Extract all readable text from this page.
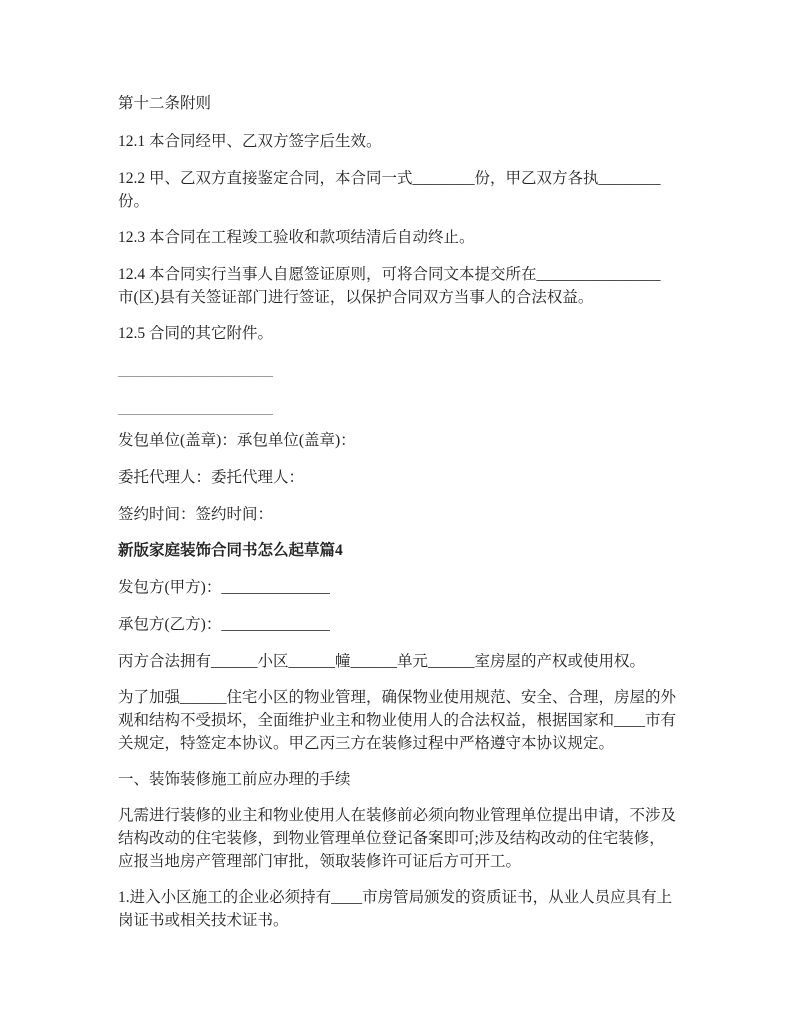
第十二条附则
12.1 本合同经甲、乙双方签字后生效。
12.2 甲、乙双方直接鉴定合同，本合同一式________份，甲乙双方各执________
份。
12.3 本合同在工程竣工验收和款项结清后自动终止。
12.4 本合同实行当事人自愿签证原则，可将合同文本提交所在________________
市(区)县有关签证部门进行签证，以保护合同双方当事人的合法权益。
12.5 合同的其它附件。
____________________
____________________
发包单位(盖章)：承包单位(盖章)：
委托代理人：委托代理人：
签约时间：签约时间：
新版家庭装饰合同书怎么起草篇4
发包方(甲方)：______________
承包方(乙方)：______________
丙方合法拥有______小区______幢______单元______室房屋的产权或使用权。
为了加强______住宅小区的物业管理，确保物业使用规范、安全、合理，房屋的外
观和结构不受损坏，全面维护业主和物业使用人的合法权益，根据国家和____市有
关规定，特签定本协议。甲乙丙三方在装修过程中严格遵守本协议规定。
一、装饰装修施工前应办理的手续
凡需进行装修的业主和物业使用人在装修前必须向物业管理单位提出申请，不涉及
结构改动的住宅装修，到物业管理单位登记备案即可;涉及结构改动的住宅装修，
应报当地房产管理部门审批，领取装修许可证后方可开工。
1.进入小区施工的企业必须持有____市房管局颁发的资质证书，从业人员应具有上
岗证书或相关技术证书。
